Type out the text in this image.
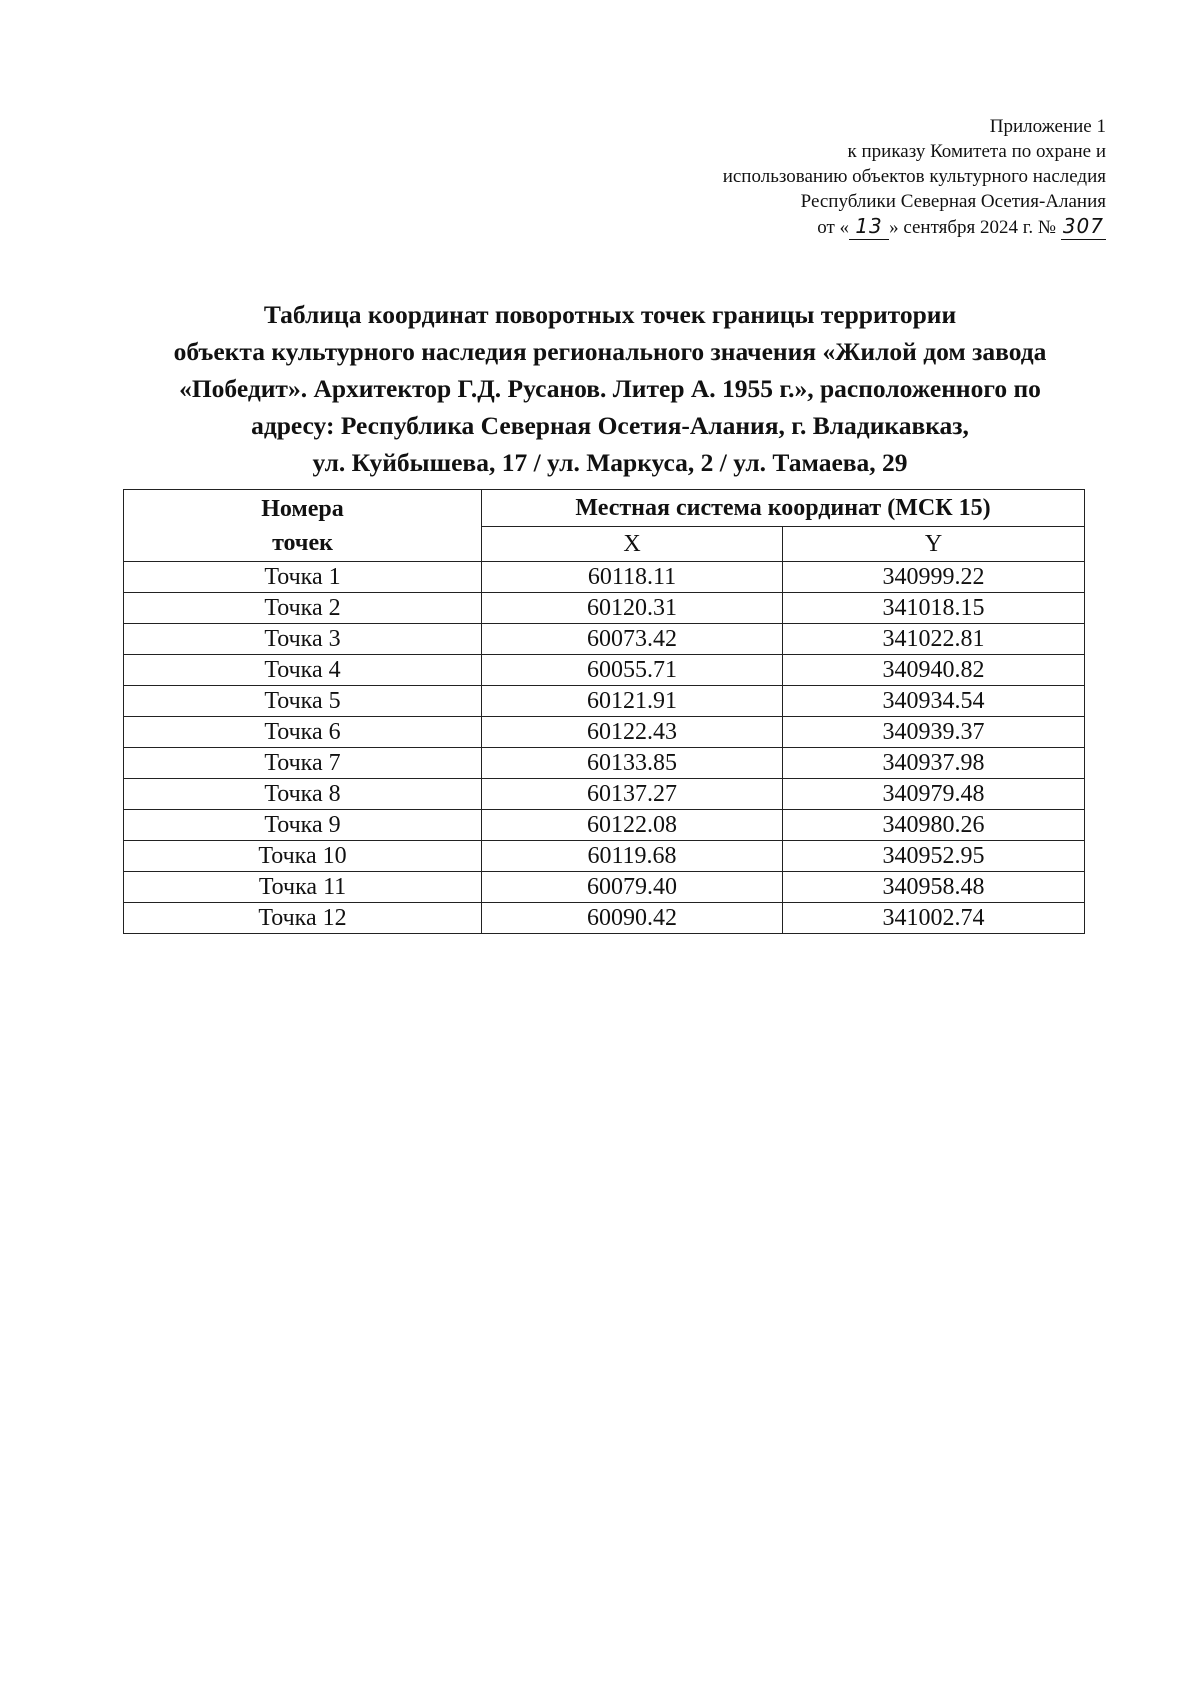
Приложение 1
к приказу Комитета по охране и
использованию объектов культурного наследия
Республики Северная Осетия-Алания
от « 13 » сентября 2024 г. № 307
Таблица координат поворотных точек границы территории
объекта культурного наследия регионального значения «Жилой дом завода
«Победит». Архитектор Г.Д. Русанов. Литер А. 1955 г.», расположенного по
адресу: Республика Северная Осетия-Алания, г. Владикавказ,
ул. Куйбышева, 17 / ул. Маркуса, 2 / ул. Тамаева, 29
Номера
точек	Местная система координат (МСК 15)	
	X	Y
Точка 1	60118.11	340999.22
Точка 2	60120.31	341018.15
Точка 3	60073.42	341022.81
Точка 4	60055.71	340940.82
Точка 5	60121.91	340934.54
Точка 6	60122.43	340939.37
Точка 7	60133.85	340937.98
Точка 8	60137.27	340979.48
Точка 9	60122.08	340980.26
Точка 10	60119.68	340952.95
Точка 11	60079.40	340958.48
Точка 12	60090.42	341002.74
